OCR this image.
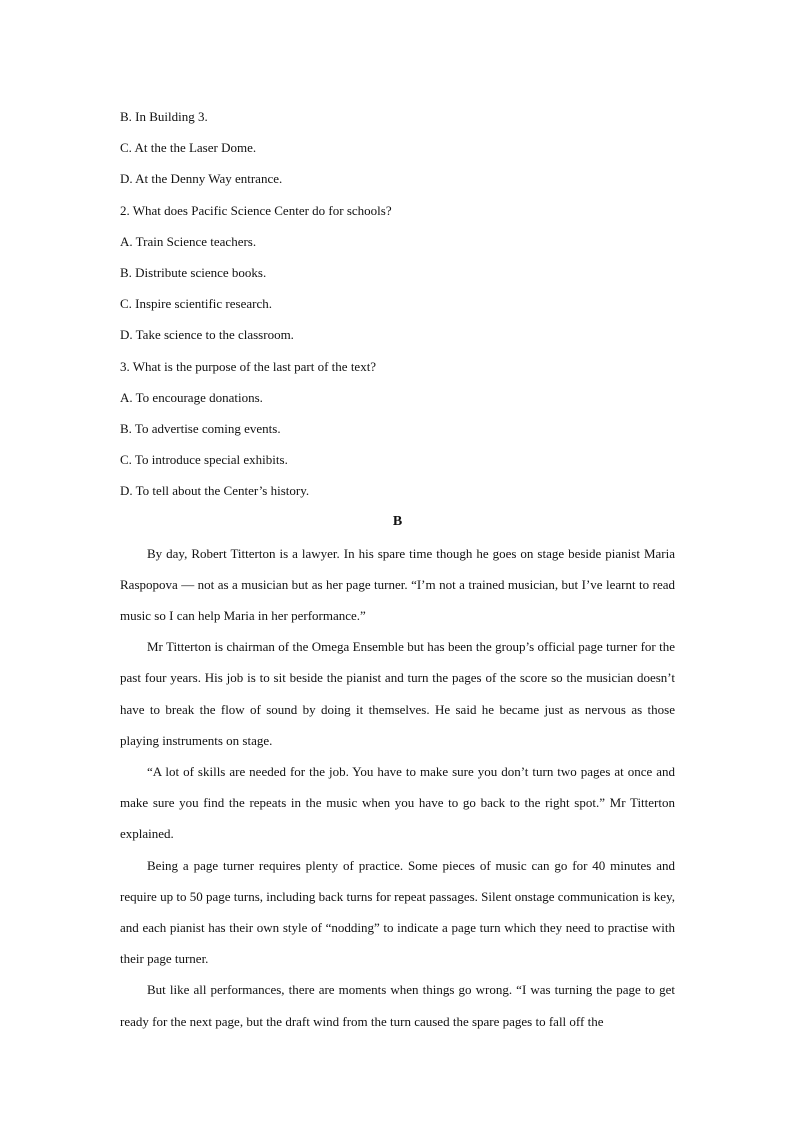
B. In Building 3.

C. At the the Laser Dome.

D. At the Denny Way entrance.

2. What does Pacific Science Center do for schools?

A. Train Science teachers.

B. Distribute science books.

C. Inspire scientific research.

D. Take science to the classroom.

3. What is the purpose of the last part of the text?

A. To encourage donations.

B. To advertise coming events.

C. To introduce special exhibits.

D. To tell about the Center’s history.

B

By day, Robert Titterton is a lawyer. In his spare time though he goes on stage beside pianist Maria Raspopova — not as a musician but as her page turner. “I’m not a trained musician, but I’ve learnt to read music so I can help Maria in her performance.”

Mr Titterton is chairman of the Omega Ensemble but has been the group’s official page turner for the past four years. His job is to sit beside the pianist and turn the pages of the score so the musician doesn’t have to break the flow of sound by doing it themselves. He said he became just as nervous as those playing instruments on stage.

“A lot of skills are needed for the job. You have to make sure you don’t turn two pages at once and make sure you find the repeats in the music when you have to go back to the right spot.” Mr Titterton explained.

Being a page turner requires plenty of practice. Some pieces of music can go for 40 minutes and require up to 50 page turns, including back turns for repeat passages. Silent onstage communication is key, and each pianist has their own style of “nodding” to indicate a page turn which they need to practise with their page turner.

But like all performances, there are moments when things go wrong. “I was turning the page to get ready for the next page, but the draft wind from the turn caused the spare pages to fall off the
